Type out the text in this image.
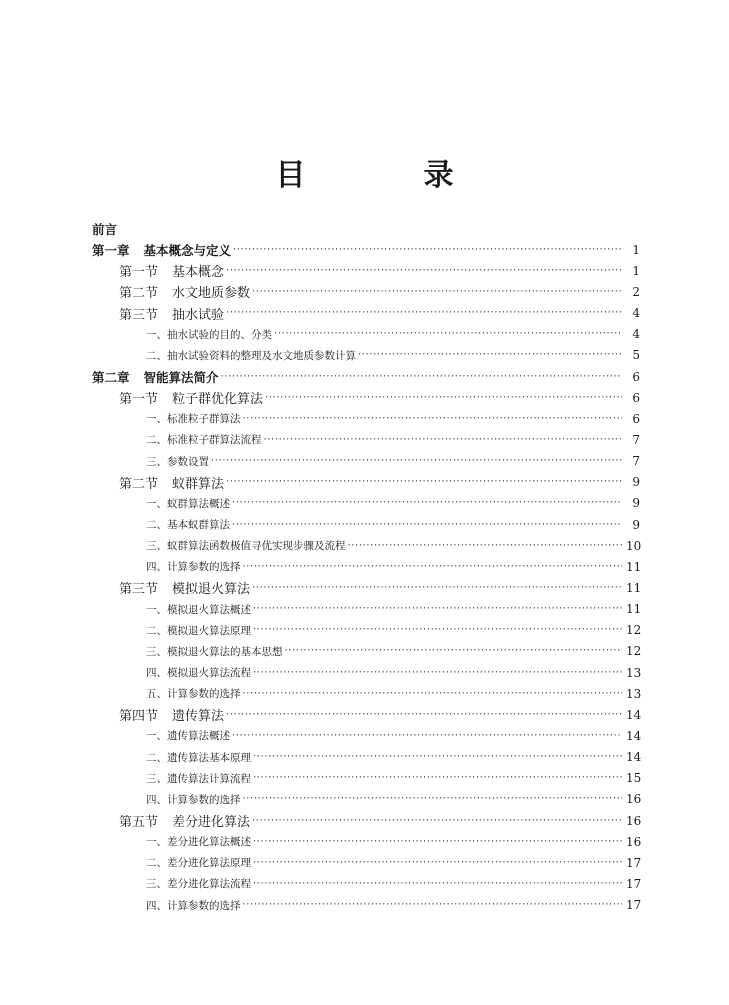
目　录
前言
第一章 基本概念与定义 ·····	1
第一节 基本概念 ·····	1
第二节 水文地质参数 ·····	2
第三节 抽水试验 ·····	4
一、抽水试验的目的、分类 ·····	4
二、抽水试验资料的整理及水文地质参数计算 ·····	5
第二章 智能算法简介 ·····	6
第一节 粒子群优化算法 ·····	6
一、标准粒子群算法 ·····	6
二、标准粒子群算法流程 ·····	7
三、参数设置 ·····	7
第二节 蚁群算法 ·····	9
一、蚁群算法概述 ·····	9
二、基本蚁群算法 ·····	9
三、蚁群算法函数极值寻优实现步骤及流程 ·····	10
四、计算参数的选择 ·····	11
第三节 模拟退火算法 ·····	11
一、模拟退火算法概述 ·····	11
二、模拟退火算法原理 ·····	12
三、模拟退火算法的基本思想 ·····	12
四、模拟退火算法流程 ·····	13
五、计算参数的选择 ·····	13
第四节 遗传算法 ·····	14
一、遗传算法概述 ·····	14
二、遗传算法基本原理 ·····	14
三、遗传算法计算流程 ·····	15
四、计算参数的选择 ·····	16
第五节 差分进化算法 ·····	16
一、差分进化算法概述 ·····	16
二、差分进化算法原理 ·····	17
三、差分进化算法流程 ·····	17
四、计算参数的选择 ·····	17
